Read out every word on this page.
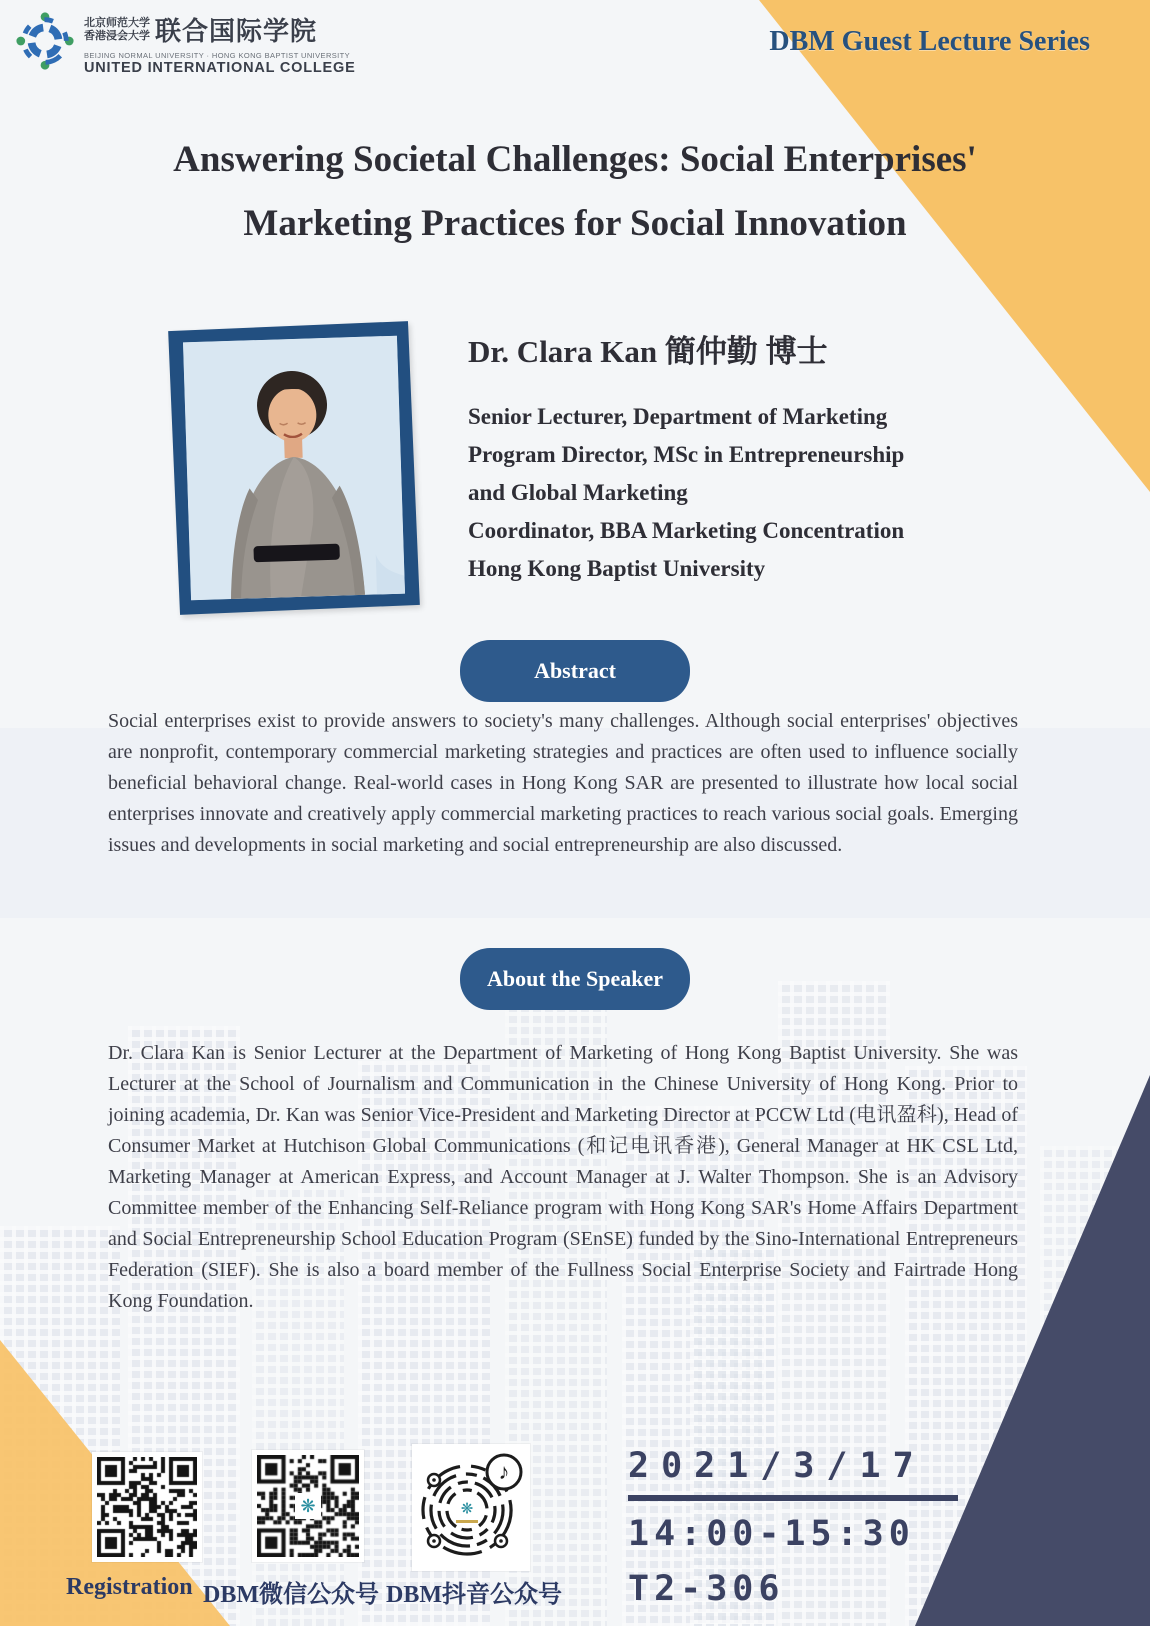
北京师范大学
香港浸会大学 联合国际学院
BEIJING NORMAL UNIVERSITY · HONG KONG BAPTIST UNIVERSITY
UNITED INTERNATIONAL COLLEGE
DBM Guest Lecture Series
Answering Societal Challenges: Social Enterprises'
Marketing Practices for Social Innovation
Dr. Clara Kan 簡仲勤 博士
Senior Lecturer, Department of Marketing
Program Director, MSc in Entrepreneurship
and Global Marketing
Coordinator, BBA Marketing Concentration
Hong Kong Baptist University
Abstract
Social enterprises exist to provide answers to society's many challenges. Although social enterprises' objectives are nonprofit, contemporary commercial marketing strategies and practices are often used to influence socially beneficial behavioral change. Real-world cases in Hong Kong SAR are presented to illustrate how local social enterprises innovate and creatively apply commercial marketing practices to reach various social goals. Emerging issues and developments in social marketing and social entrepreneurship are also discussed.
About the Speaker
Dr. Clara Kan is Senior Lecturer at the Department of Marketing of Hong Kong Baptist University. She was Lecturer at the School of Journalism and Communication in the Chinese University of Hong Kong. Prior to joining academia, Dr. Kan was Senior Vice-President and Marketing Director at PCCW Ltd (电讯盈科), Head of Consumer Market at Hutchison Global Communications (和记电讯香港), General Manager at HK CSL Ltd, Marketing Manager at American Express, and Account Manager at J. Walter Thompson. She is an Advisory Committee member of the Enhancing Self-Reliance program with Hong Kong SAR's Home Affairs Department and Social Entrepreneurship School Education Program (SEnSE) funded by the Sino-International Entrepreneurs Federation (SIEF). She is also a board member of the Fullness Social Enterprise Society and Fairtrade Hong Kong Foundation.
❋	❋
♪
Registration DBM微信公众号 DBM抖音公众号
2021/3/17
14:00-15:30
T2-306
